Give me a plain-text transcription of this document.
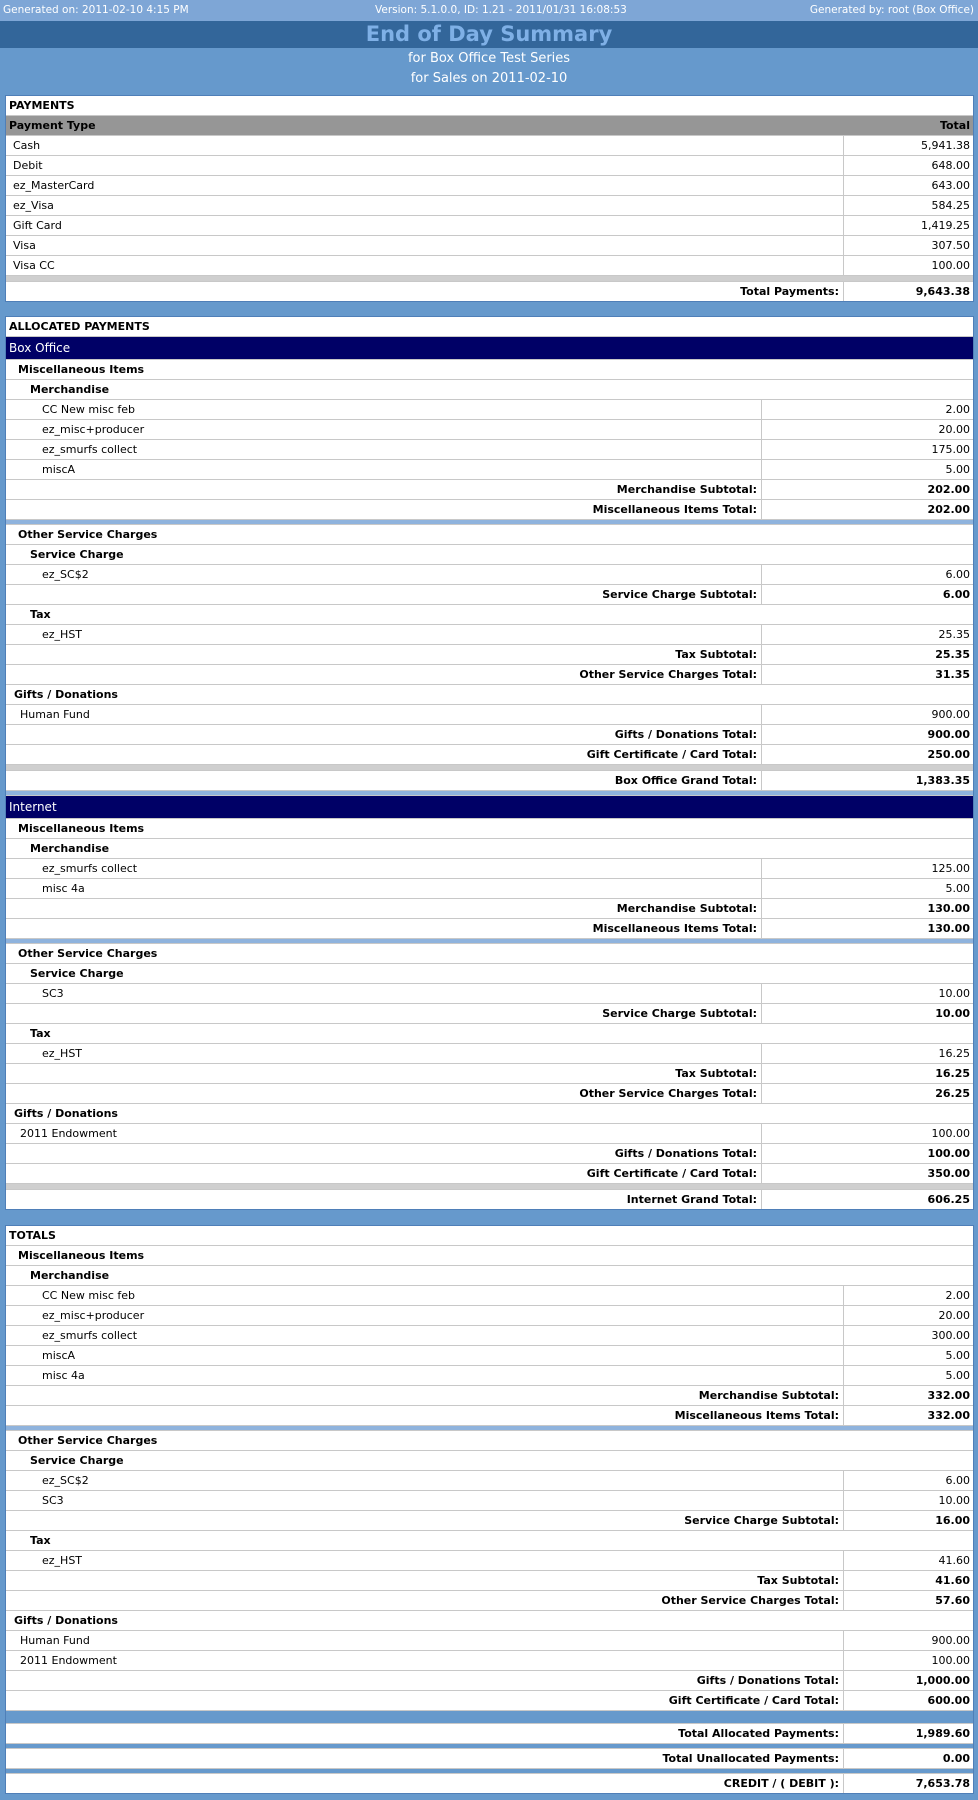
Generated on: 2011-02-10 4:15 PM	Version: 5.1.0.0, ID: 1.21 - 2011/01/31 16:08:53	Generated by: root (Box Office)
End of Day Summary
for Box Office Test Series
for Sales on 2011-02-10
PAYMENTS
Payment Type	Total
Cash	5,941.38
Debit	648.00
ez_MasterCard	643.00
ez_Visa	584.25
Gift Card	1,419.25
Visa	307.50
Visa CC	100.00
Total Payments:	9,643.38
ALLOCATED PAYMENTS
Box Office
Miscellaneous Items
Merchandise
CC New misc feb	2.00
ez_misc+producer	20.00
ez_smurfs collect	175.00
miscA	5.00
Merchandise Subtotal:	202.00
Miscellaneous Items Total:	202.00
Other Service Charges
Service Charge
ez_SC$2	6.00
Service Charge Subtotal:	6.00
Tax
ez_HST	25.35
Tax Subtotal:	25.35
Other Service Charges Total:	31.35
Gifts / Donations
Human Fund	900.00
Gifts / Donations Total:	900.00
Gift Certificate / Card Total:	250.00
Box Office Grand Total:	1,383.35
Internet
Miscellaneous Items
Merchandise
ez_smurfs collect	125.00
misc 4a	5.00
Merchandise Subtotal:	130.00
Miscellaneous Items Total:	130.00
Other Service Charges
Service Charge
SC3	10.00
Service Charge Subtotal:	10.00
Tax
ez_HST	16.25
Tax Subtotal:	16.25
Other Service Charges Total:	26.25
Gifts / Donations
2011 Endowment	100.00
Gifts / Donations Total:	100.00
Gift Certificate / Card Total:	350.00
Internet Grand Total:	606.25
TOTALS
Miscellaneous Items
Merchandise
CC New misc feb	2.00
ez_misc+producer	20.00
ez_smurfs collect	300.00
miscA	5.00
misc 4a	5.00
Merchandise Subtotal:	332.00
Miscellaneous Items Total:	332.00
Other Service Charges
Service Charge
ez_SC$2	6.00
SC3	10.00
Service Charge Subtotal:	16.00
Tax
ez_HST	41.60
Tax Subtotal:	41.60
Other Service Charges Total:	57.60
Gifts / Donations
Human Fund	900.00
2011 Endowment	100.00
Gifts / Donations Total:	1,000.00
Gift Certificate / Card Total:	600.00
Total Allocated Payments:	1,989.60
Total Unallocated Payments:	0.00
CREDIT / ( DEBIT ):	7,653.78
